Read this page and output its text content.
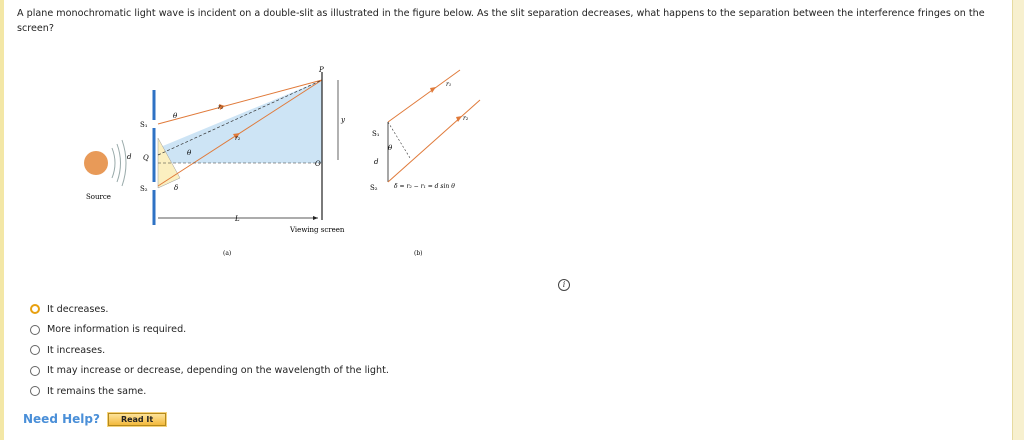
A plane monochromatic light wave is incident on a double-slit as illustrated in the figure below. As the slit separation decreases, what happens to the separation between the interference fringes on the screen?
Source
S₁
S₂
d Q
θ
θ
r₁
r₂
δ
P
y
O
L
Viewing screen
(a)
S₁
S₂
d
θ
r₁
r₂
δ = r₂ − r₁ = d sin θ
(b)
i
It decreases.
More information is required.
It increases.
It may increase or decrease, depending on the wavelength of the light.
It remains the same.
Need Help?	Read It
